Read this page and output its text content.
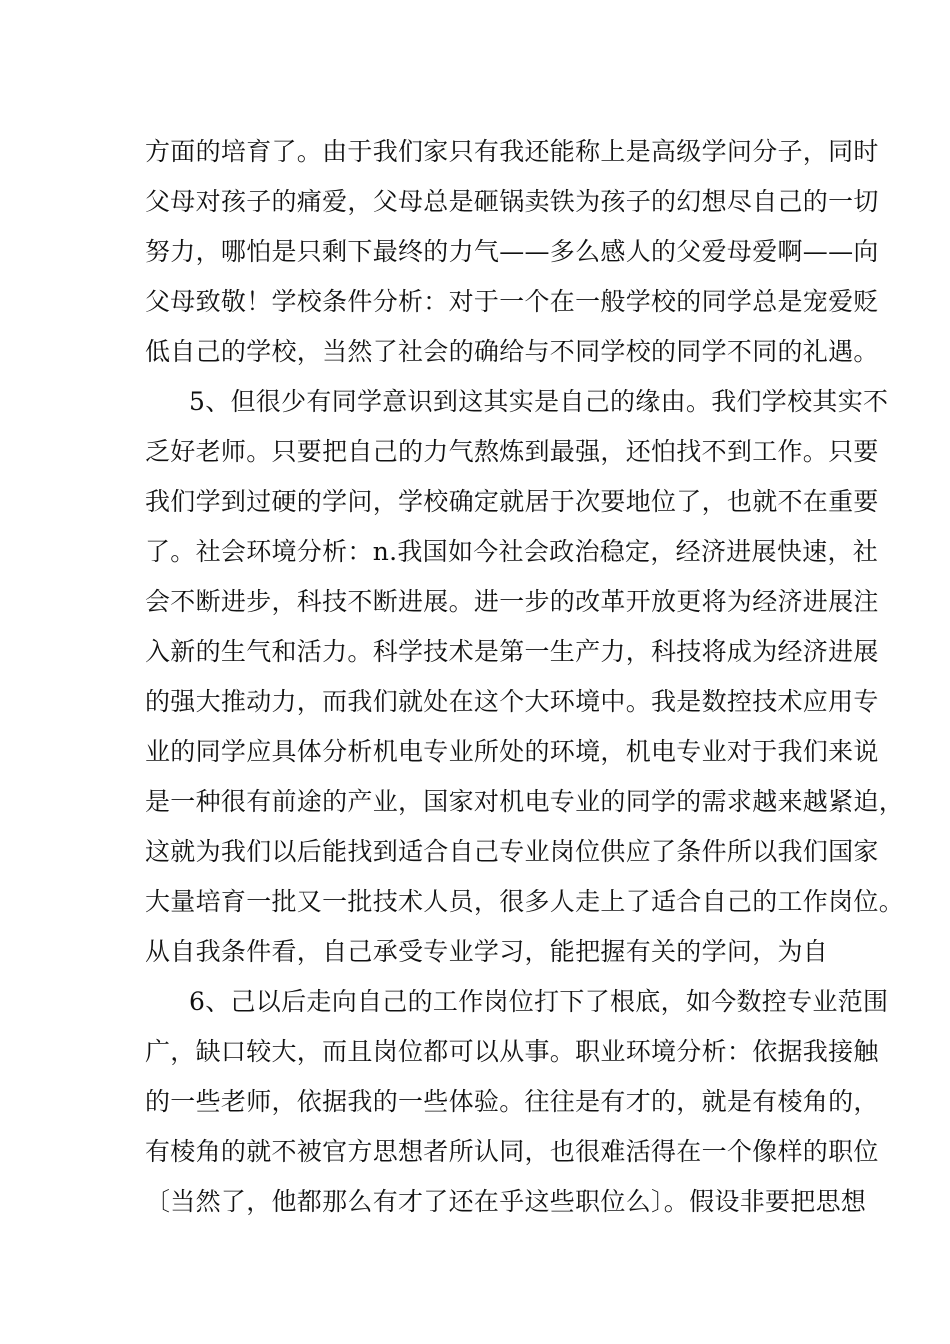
方面的培育了。由于我们家只有我还能称上是高级学问分子，同时
父母对孩子的痛爱，父母总是砸锅卖铁为孩子的幻想尽自己的一切
努力，哪怕是只剩下最终的力气——多么感人的父爱母爱啊——向
父母致敬！学校条件分析：对于一个在一般学校的同学总是宠爱贬
低自己的学校，当然了社会的确给与不同学校的同学不同的礼遇。
5、但很少有同学意识到这其实是自己的缘由。我们学校其实不
乏好老师。只要把自己的力气熬炼到最强，还怕找不到工作。只要
我们学到过硬的学问，学校确定就居于次要地位了，也就不在重要
了。社会环境分析：n.我国如今社会政治稳定，经济进展快速，社
会不断进步，科技不断进展。进一步的改革开放更将为经济进展注
入新的生气和活力。科学技术是第一生产力，科技将成为经济进展
的强大推动力，而我们就处在这个大环境中。我是数控技术应用专
业的同学应具体分析机电专业所处的环境，机电专业对于我们来说
是一种很有前途的产业，国家对机电专业的同学的需求越来越紧迫，
这就为我们以后能找到适合自己专业岗位供应了条件所以我们国家
大量培育一批又一批技术人员，很多人走上了适合自己的工作岗位。
从自我条件看，自己承受专业学习，能把握有关的学问，为自
6、己以后走向自己的工作岗位打下了根底，如今数控专业范围
广，缺口较大，而且岗位都可以从事。职业环境分析：依据我接触
的一些老师，依据我的一些体验。往往是有才的，就是有棱角的，
有棱角的就不被官方思想者所认同，也很难活得在一个像样的职位
〔当然了，他都那么有才了还在乎这些职位么〕。假设非要把思想
